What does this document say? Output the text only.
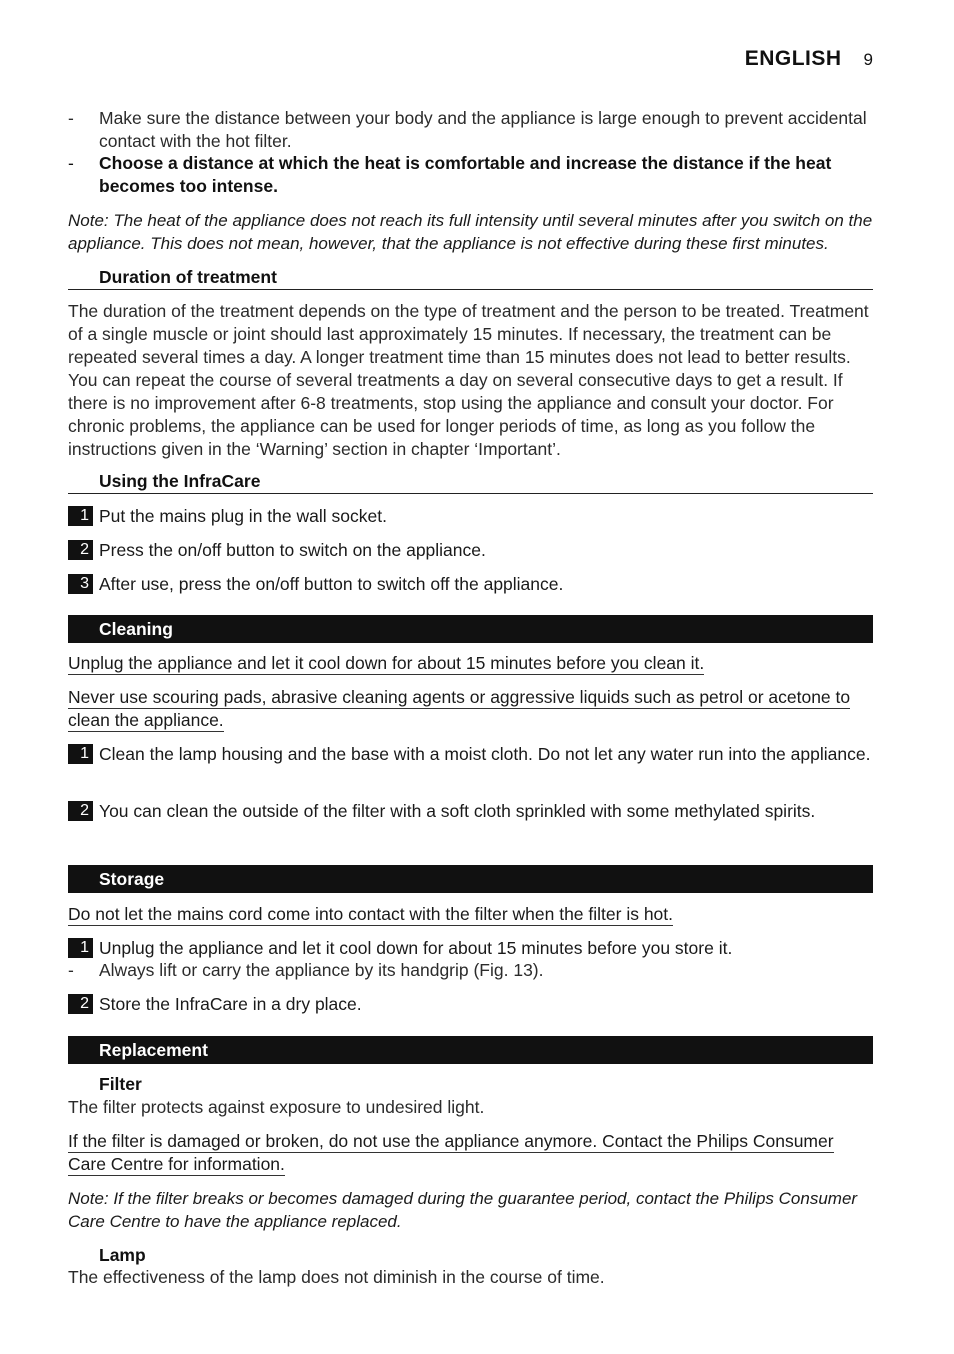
ENGLISH 9
- Make sure the distance between your body and the appliance is large enough to prevent accidental contact with the hot filter.
- Choose a distance at which the heat is comfortable and increase the distance if the heat becomes too intense.
Note: The heat of the appliance does not reach its full intensity until several minutes after you switch on the appliance. This does not mean, however, that the appliance is not effective during these first minutes.
Duration of treatment
The duration of the treatment depends on the type of treatment and the person to be treated. Treatment of a single muscle or joint should last approximately 15 minutes. If necessary, the treatment can be repeated several times a day. A longer treatment time than 15 minutes does not lead to better results. You can repeat the course of several treatments a day on several consecutive days to get a result. If there is no improvement after 6-8 treatments, stop using the appliance and consult your doctor. For chronic problems, the appliance can be used for longer periods of time, as long as you follow the instructions given in the ‘Warning’ section in chapter ‘Important’.
Using the InfraCare
1 Put the mains plug in the wall socket.
2 Press the on/off button to switch on the appliance.
3 After use, press the on/off button to switch off the appliance.
Cleaning
Unplug the appliance and let it cool down for about 15 minutes before you clean it.
Never use scouring pads, abrasive cleaning agents or aggressive liquids such as petrol or acetone to clean the appliance.
1 Clean the lamp housing and the base with a moist cloth. Do not let any water run into the appliance.
2 You can clean the outside of the filter with a soft cloth sprinkled with some methylated spirits.
Storage
Do not let the mains cord come into contact with the filter when the filter is hot.
1 Unplug the appliance and let it cool down for about 15 minutes before you store it.
- Always lift or carry the appliance by its handgrip (Fig. 13).
2 Store the InfraCare in a dry place.
Replacement
Filter
The filter protects against exposure to undesired light.
If the filter is damaged or broken, do not use the appliance anymore. Contact the Philips Consumer Care Centre for information.
Note: If the filter breaks or becomes damaged during the guarantee period, contact the Philips Consumer Care Centre to have the appliance replaced.
Lamp
The effectiveness of the lamp does not diminish in the course of time.
